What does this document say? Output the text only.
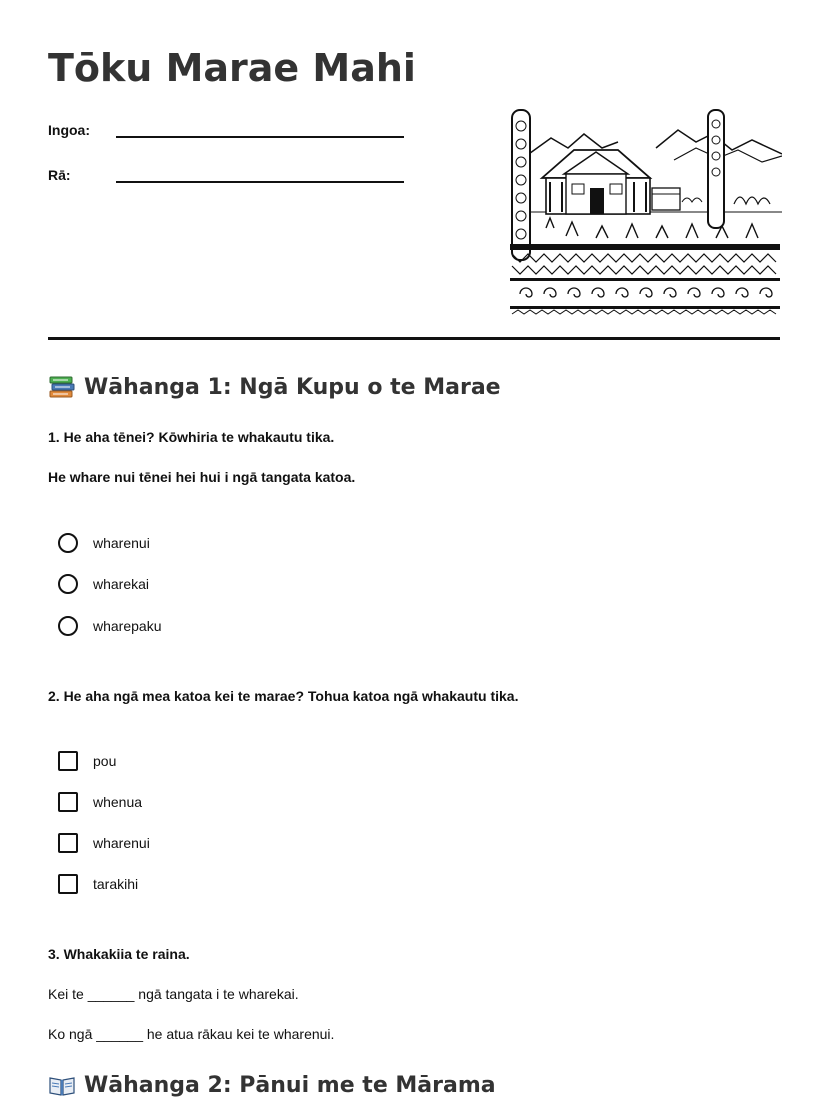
Tōku Marae Mahi
Ingoa:
Rā:
Wāhanga 1: Ngā Kupu o te Marae

1. He aha tēnei? Kōwhiria te whakautu tika.

He whare nui tēnei hei hui i ngā tangata katoa.

wharenui
wharekai
wharepaku

2. He aha ngā mea katoa kei te marae? Tohua katoa ngā whakautu tika.

pou
whenua
wharenui
tarakihi

3. Whakakiia te raina.

Kei te ______ ngā tangata i te wharekai.

Ko ngā ______ he atua rākau kei te wharenui.

Wāhanga 2: Pānui me te Mārama
